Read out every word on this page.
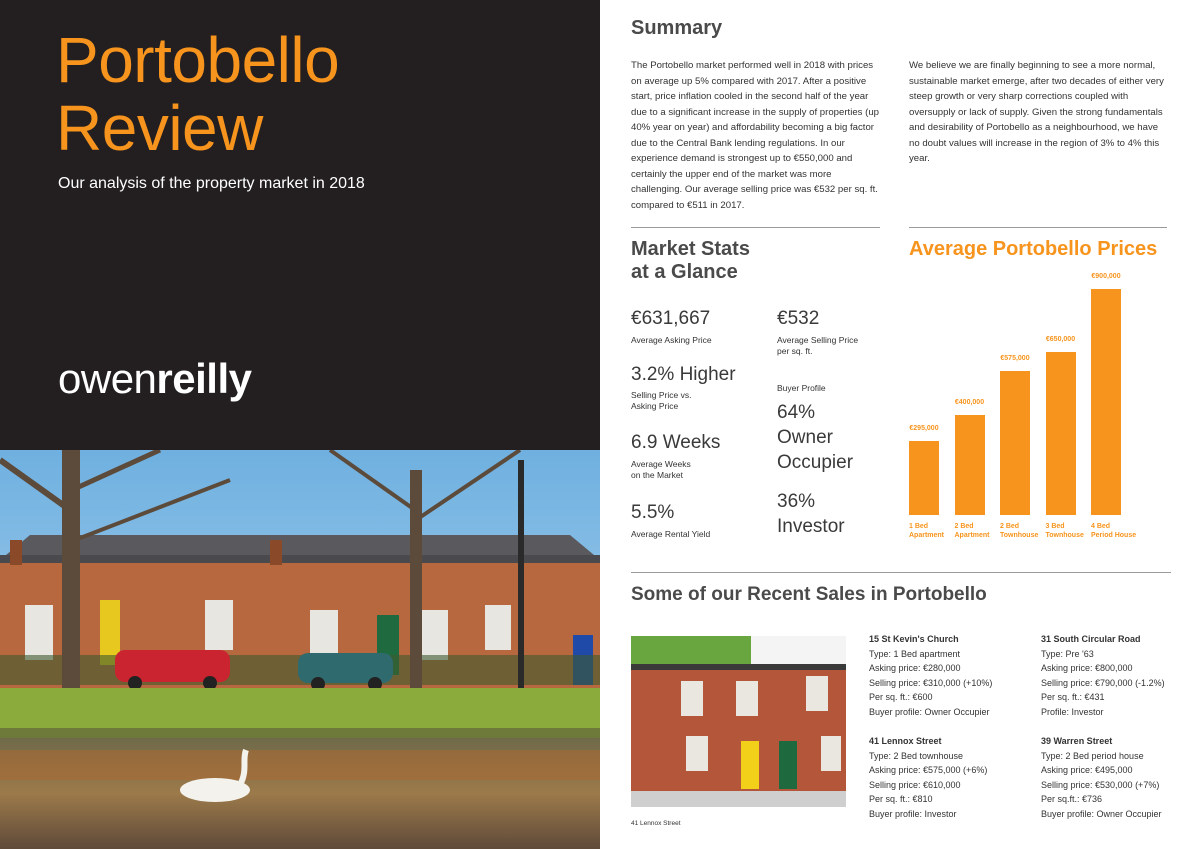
Portobello
Review
Our analysis of the property market in 2018
owenreilly
Summary

The Portobello market performed well in 2018 with prices on average up 5% compared with 2017. After a positive start, price inflation cooled in the second half of the year due to a significant increase in the supply of properties (up 40% year on year) and affordability becoming a big factor due to the Central Bank lending regulations. In our experience demand is strongest up to €550,000 and certainly the upper end of the market was more challenging. Our average selling price was €532 per sq. ft. compared to €511 in 2017.

We believe we are finally beginning to see a more normal, sustainable market emerge, after two decades of either very steep growth or very sharp corrections coupled with oversupply or lack of supply. Given the strong fundamentals and desirability of Portobello as a neighbourhood, we have no doubt values will increase in the region of 3% to 4% this year.

Market Stats
at a Glance
€631,667
Average Asking Price
3.2% Higher
Selling Price vs.
Asking Price
6.9 Weeks
Average Weeks
on the Market
5.5%
Average Rental Yield
€532
Average Selling Price
per sq. ft.
Buyer Profile
64%
Owner
Occupier
36%
Investor
Average Portobello Prices
Some of our Recent Sales in Portobello
41 Lennox Street
15 St Kevin's Church
Type: 1 Bed apartment
Asking price: €280,000
Selling price: €310,000 (+10%)
Per sq. ft.: €600
Buyer profile: Owner Occupier
31 South Circular Road
Type: Pre '63
Asking price: €800,000
Selling price: €790,000 (-1.2%)
Per sq. ft.: €431
Profile: Investor
41 Lennox Street
Type: 2 Bed townhouse
Asking price: €575,000 (+6%)
Selling price: €610,000
Per sq. ft.: €810
Buyer profile: Investor
39 Warren Street
Type: 2 Bed period house
Asking price: €495,000
Selling price: €530,000 (+7%)
Per sq.ft.: €736
Buyer profile: Owner Occupier
€295,000
1 Bed
Apartment
€400,000
2 Bed
Apartment
€575,000
2 Bed
Townhouse
€650,000
3 Bed
Townhouse
€900,000
4 Bed
Period House
